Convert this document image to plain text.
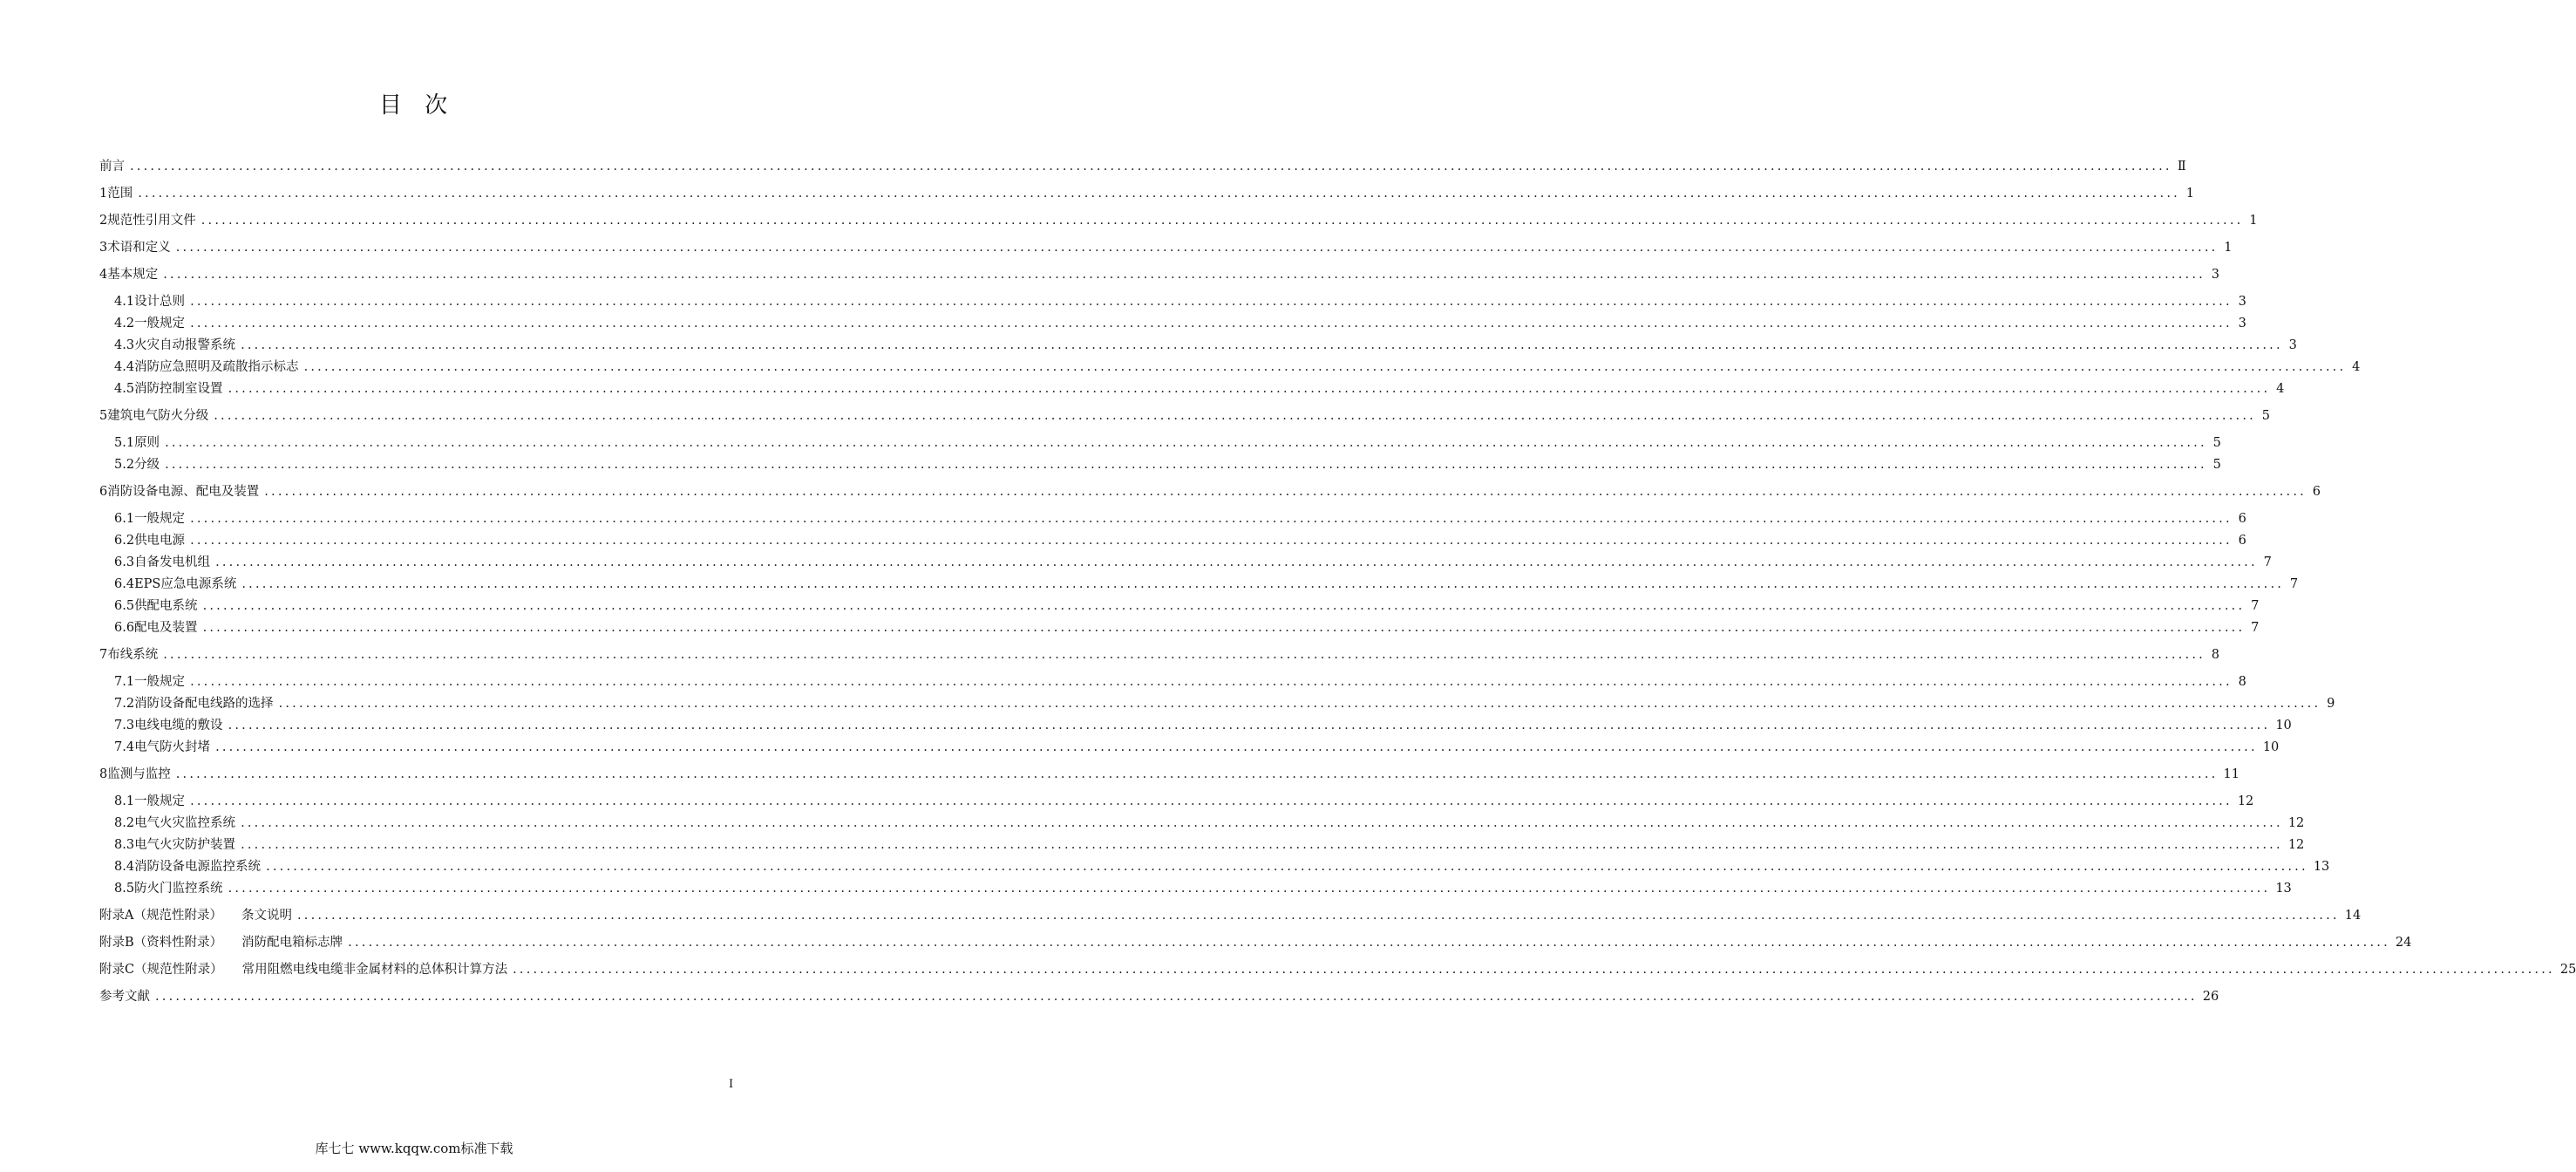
目 次
前言 ............................................................................................................................................................................................................................................................................................................ Ⅱ
1 范围 ............................................................................................................................................................................................................................................................................................................ 1
2 规范性引用文件 ............................................................................................................................................................................................................................................................................................................ 1
3 术语和定义 ............................................................................................................................................................................................................................................................................................................ 1
4 基本规定 ............................................................................................................................................................................................................................................................................................................ 3
4.1 设计总则 ............................................................................................................................................................................................................................................................................................................ 3
4.2 一般规定 ............................................................................................................................................................................................................................................................................................................ 3
4.3 火灾自动报警系统 ............................................................................................................................................................................................................................................................................................................ 3
4.4 消防应急照明及疏散指示标志 ............................................................................................................................................................................................................................................................................................................ 4
4.5 消防控制室设置 ............................................................................................................................................................................................................................................................................................................ 4
5 建筑电气防火分级 ............................................................................................................................................................................................................................................................................................................ 5
5.1 原则 ............................................................................................................................................................................................................................................................................................................ 5
5.2 分级 ............................................................................................................................................................................................................................................................................................................ 5
6 消防设备电源、配电及装置 ............................................................................................................................................................................................................................................................................................................ 6
6.1 一般规定 ............................................................................................................................................................................................................................................................................................................ 6
6.2 供电电源 ............................................................................................................................................................................................................................................................................................................ 6
6.3 自备发电机组 ............................................................................................................................................................................................................................................................................................................ 7
6.4 EPS应急电源系统 ............................................................................................................................................................................................................................................................................................................ 7
6.5 供配电系统 ............................................................................................................................................................................................................................................................................................................ 7
6.6 配电及装置 ............................................................................................................................................................................................................................................................................................................ 7
7 布线系统 ............................................................................................................................................................................................................................................................................................................ 8
7.1 一般规定 ............................................................................................................................................................................................................................................................................................................ 8
7.2 消防设备配电线路的选择 ............................................................................................................................................................................................................................................................................................................ 9
7.3 电线电缆的敷设 ............................................................................................................................................................................................................................................................................................................ 10
7.4 电气防火封堵 ............................................................................................................................................................................................................................................................................................................ 10
8 监测与监控 ............................................................................................................................................................................................................................................................................................................ 11
8.1 一般规定 ............................................................................................................................................................................................................................................................................................................ 12
8.2 电气火灾监控系统 ............................................................................................................................................................................................................................................................................................................ 12
8.3 电气火灾防护装置 ............................................................................................................................................................................................................................................................................................................ 12
8.4 消防设备电源监控系统 ............................................................................................................................................................................................................................................................................................................ 13
8.5 防火门监控系统 ............................................................................................................................................................................................................................................................................................................ 13
附录A（规范性附录） 条文说明 ............................................................................................................................................................................................................................................................................................................ 14
附录B（资料性附录） 消防配电箱标志牌 ............................................................................................................................................................................................................................................................................................................ 24
附录C（规范性附录） 常用阻燃电线电缆非金属材料的总体积计算方法 ............................................................................................................................................................................................................................................................................................................ 25
参考文献 ............................................................................................................................................................................................................................................................................................................ 26
I
库七七 www.kqqw.com标准下载
